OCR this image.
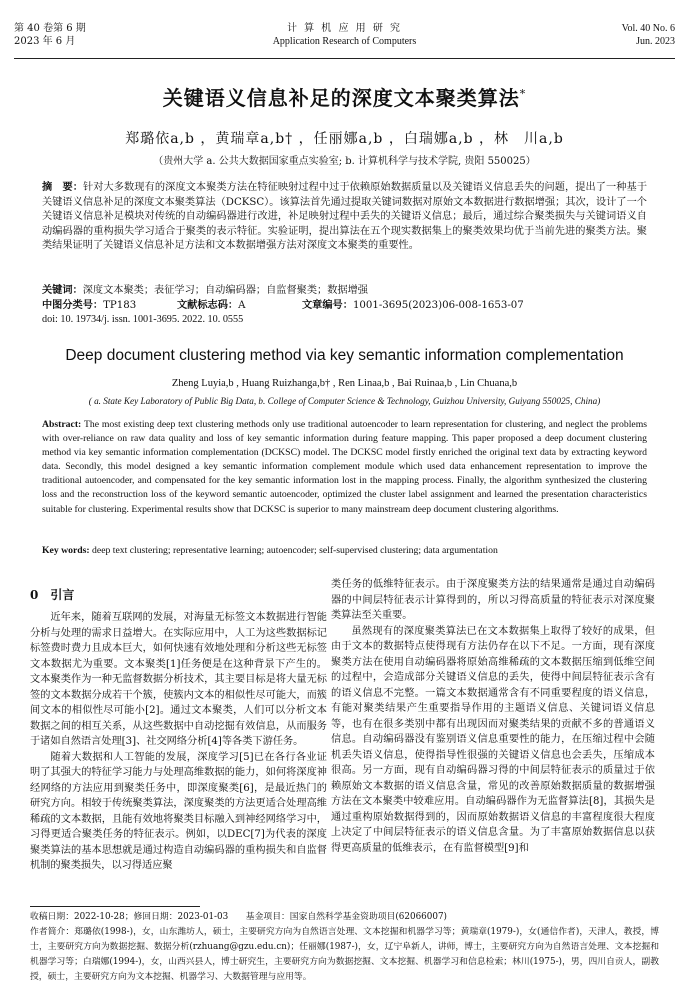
第 40 卷第 6 期
2023 年 6 月
计 算 机 应 用 研 究
Application Research of Computers
Vol. 40 No. 6
Jun. 2023
关键语义信息补足的深度文本聚类算法*
郑璐依a,b ，黄瑞章a,b† ，任丽娜a,b ，白瑞娜a,b ，林　川a,b
（贵州大学 a. 公共大数据国家重点实验室; b. 计算机科学与技术学院, 贵阳 550025）
摘　要：针对大多数现有的深度文本聚类方法在特征映射过程中过于依赖原始数据质量以及关键语义信息丢失的问题，提出了一种基于关键语义信息补足的深度文本聚类算法（DCKSC）。该算法首先通过提取关键词数据对原始文本数据进行数据增强；其次，设计了一个关键语义信息补足模块对传统的自动编码器进行改进，补足映射过程中丢失的关键语义信息；最后，通过综合聚类损失与关键词语义自动编码器的重构损失学习适合于聚类的表示特征。实验证明，提出算法在五个现实数据集上的聚类效果均优于当前先进的聚类方法。聚类结果证明了关键语义信息补足方法和文本数据增强方法对深度文本聚类的重要性。
关键词：深度文本聚类；表征学习；自动编码器；自监督聚类；数据增强
中图分类号：TP183	文献标志码：A	文章编号：1001-3695(2023)06-008-1653-07
doi: 10. 19734/j. issn. 1001-3695. 2022. 10. 0555
Deep document clustering method via key semantic information complementation
Zheng Luyia,b , Huang Ruizhanga,b† , Ren Linaa,b , Bai Ruinaa,b , Lin Chuana,b
( a. State Key Laboratory of Public Big Data, b. College of Computer Science & Technology, Guizhou University, Guiyang 550025, China)
Abstract: The most existing deep text clustering methods only use traditional autoencoder to learn representation for clustering, and neglect the problems with over-reliance on raw data quality and loss of key semantic information during feature mapping. This paper proposed a deep document clustering method via key semantic information complementation (DCKSC) model. The DCKSC model firstly enriched the original text data by extracting keyword data. Secondly, this model designed a key semantic information complement module which used data enhancement representation to improve the traditional autoencoder, and compensated for the key semantic information lost in the mapping process. Finally, the algorithm synthesized the clustering loss and the reconstruction loss of the keyword semantic autoencoder, optimized the cluster label assignment and learned the presentation characteristics suitable for clustering. Experimental results show that DCKSC is superior to many mainstream deep document clustering algorithms.
Key words: deep text clustering; representative learning; autoencoder; self-supervised clustering; data argumentation
0　引言

近年来，随着互联网的发展，对海量无标签文本数据进行智能分析与处理的需求日益增大。在实际应用中，人工为这些数据标记标签费时费力且成本巨大，如何快速有效地处理和分析这些无标签文本数据尤为重要。文本聚类[1]任务便是在这种背景下产生的。文本聚类作为一种无监督数据分析技术，其主要目标是将大量无标签的文本数据分成若干个簇，使簇内文本的相似性尽可能大，而簇间文本的相似性尽可能小[2]。通过文本聚类，人们可以分析文本数据之间的相互关系，从这些数据中自动挖掘有效信息，从而服务于诸如自然语言处理[3]、社交网络分析[4]等各类下游任务。

随着大数据和人工智能的发展，深度学习[5]已在各行各业证明了其强大的特征学习能力与处理高维数据的能力，如何将深度神经网络的方法应用到聚类任务中，即深度聚类[6]，是最近热门的研究方向。相较于传统聚类算法，深度聚类的方法更适合处理高维稀疏的文本数据，且能有效地将聚类目标融入到神经网络学习中，习得更适合聚类任务的特征表示。例如，以DEC[7]为代表的深度聚类算法的基本思想就是通过构造自动编码器的重构损失和自监督机制的聚类损失，以习得适应聚

类任务的低维特征表示。由于深度聚类方法的结果通常是通过自动编码器的中间层特征表示计算得到的，所以习得高质量的特征表示对深度聚类算法至关重要。

虽然现有的深度聚类算法已在文本数据集上取得了较好的成果，但由于文本的数据特点使得现有方法仍存在以下不足。一方面，现有深度聚类方法在使用自动编码器将原始高维稀疏的文本数据压缩到低维空间的过程中，会造成部分关键语义信息的丢失，使得中间层特征表示含有的语义信息不完整。一篇文本数据通常含有不同重要程度的语义信息，有能对聚类结果产生重要指导作用的主题语义信息、关键词语义信息等，也有在很多类别中都有出现因而对聚类结果的贡献不多的普通语义信息。自动编码器没有鉴别语义信息重要性的能力，在压缩过程中会随机丢失语义信息，使得指导性很强的关键语义信息也会丢失，压缩成本很高。另一方面，现有自动编码器习得的中间层特征表示的质量过于依赖原始文本数据的语义信息含量，常见的改善原始数据质量的数据增强方法在文本聚类中较难应用。自动编码器作为无监督算法[8]，其损失是通过重构原始数据得到的，因而原始数据语义信息的丰富程度很大程度上决定了中间层特征表示的语义信息含量。为了丰富原始数据信息以获得更高质量的低维表示，在有监督模型[9]和

收稿日期：2022-10-28；修回日期：2023-01-03　　基金项目：国家自然科学基金资助项目(62066007)
作者简介：郑璐依(1998-)，女，山东潍坊人，硕士，主要研究方向为自然语言处理、文本挖掘和机器学习等；黄瑞章(1979-)，女(通信作者)，天津人，教授，博士，主要研究方向为数据挖掘、数据分析(rzhuang@gzu.edu.cn)；任丽娜(1987-)，女，辽宁阜新人，讲师，博士，主要研究方向为自然语言处理、文本挖掘和机器学习等；白瑞娜(1994-)，女，山西兴县人，博士研究生，主要研究方向为数据挖掘、文本挖掘、机器学习和信息检索；林川(1975-)，男，四川自贡人，副教授，硕士，主要研究方向为文本挖掘、机器学习、大数据管理与应用等。
